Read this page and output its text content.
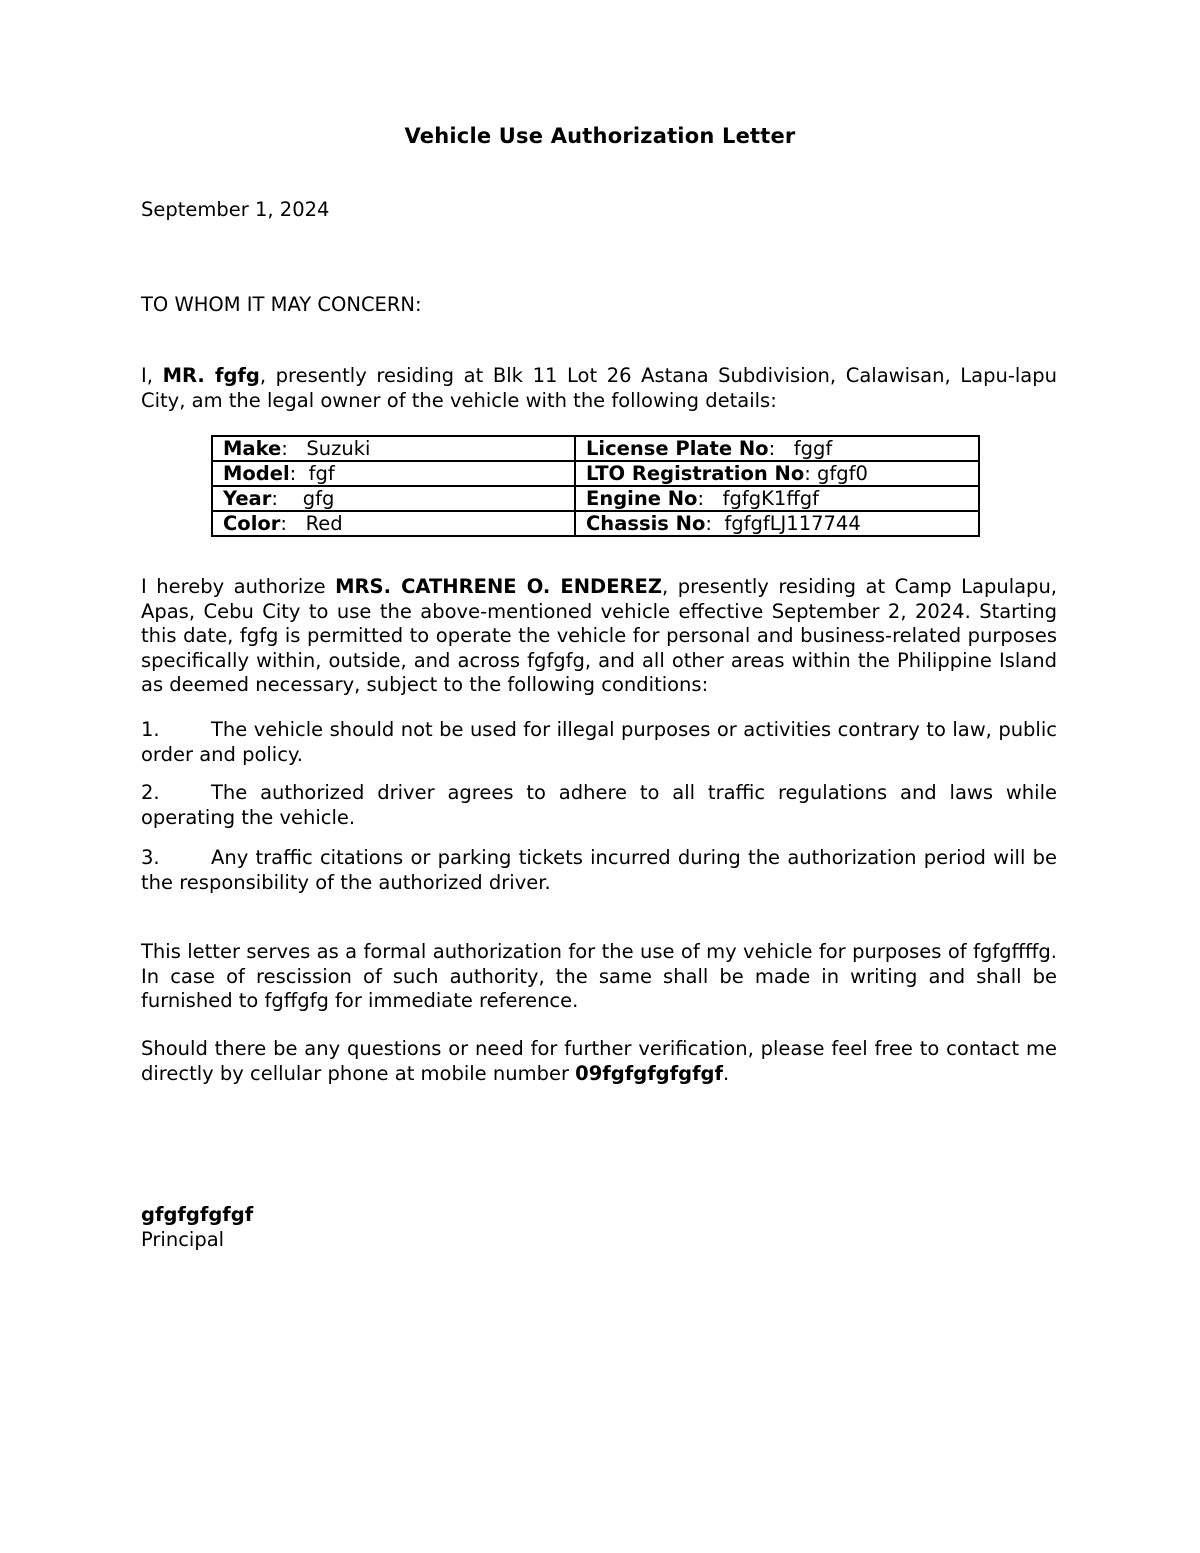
Vehicle Use Authorization Letter
September 1, 2024
TO WHOM IT MAY CONCERN:
I, MR. fgfg, presently residing at Blk 11 Lot 26 Astana Subdivision, Calawisan, Lapu-lapu City, am the legal owner of the vehicle with the following details:
Make:   Suzuki	License Plate No:   fggf
Model:  fgf	LTO Registration No: gfgf0
Year:    gfg	Engine No:   fgfgK1ffgf
Color:   Red	Chassis No:  fgfgfLJ117744
I hereby authorize MRS. CATHRENE O. ENDEREZ, presently residing at Camp Lapulapu, Apas, Cebu City to use the above-mentioned vehicle effective September 2, 2024. Starting this date, fgfg is permitted to operate the vehicle for personal and business-related purposes specifically within, outside, and across fgfgfg, and all other areas within the Philippine Island as deemed necessary, subject to the following conditions:
1.	The vehicle should not be used for illegal purposes or activities contrary to law, public order and policy.
2.	The authorized driver agrees to adhere to all traffic regulations and laws while operating the vehicle.
3.	Any traffic citations or parking tickets incurred during the authorization period will be the responsibility of the authorized driver.
This letter serves as a formal authorization for the use of my vehicle for purposes of fgfgffffg. In case of rescission of such authority, the same shall be made in writing and shall be furnished to fgffgfg for immediate reference.
Should there be any questions or need for further verification, please feel free to contact me directly by cellular phone at mobile number 09fgfgfgfgfgf.
gfgfgfgfgf
Principal
